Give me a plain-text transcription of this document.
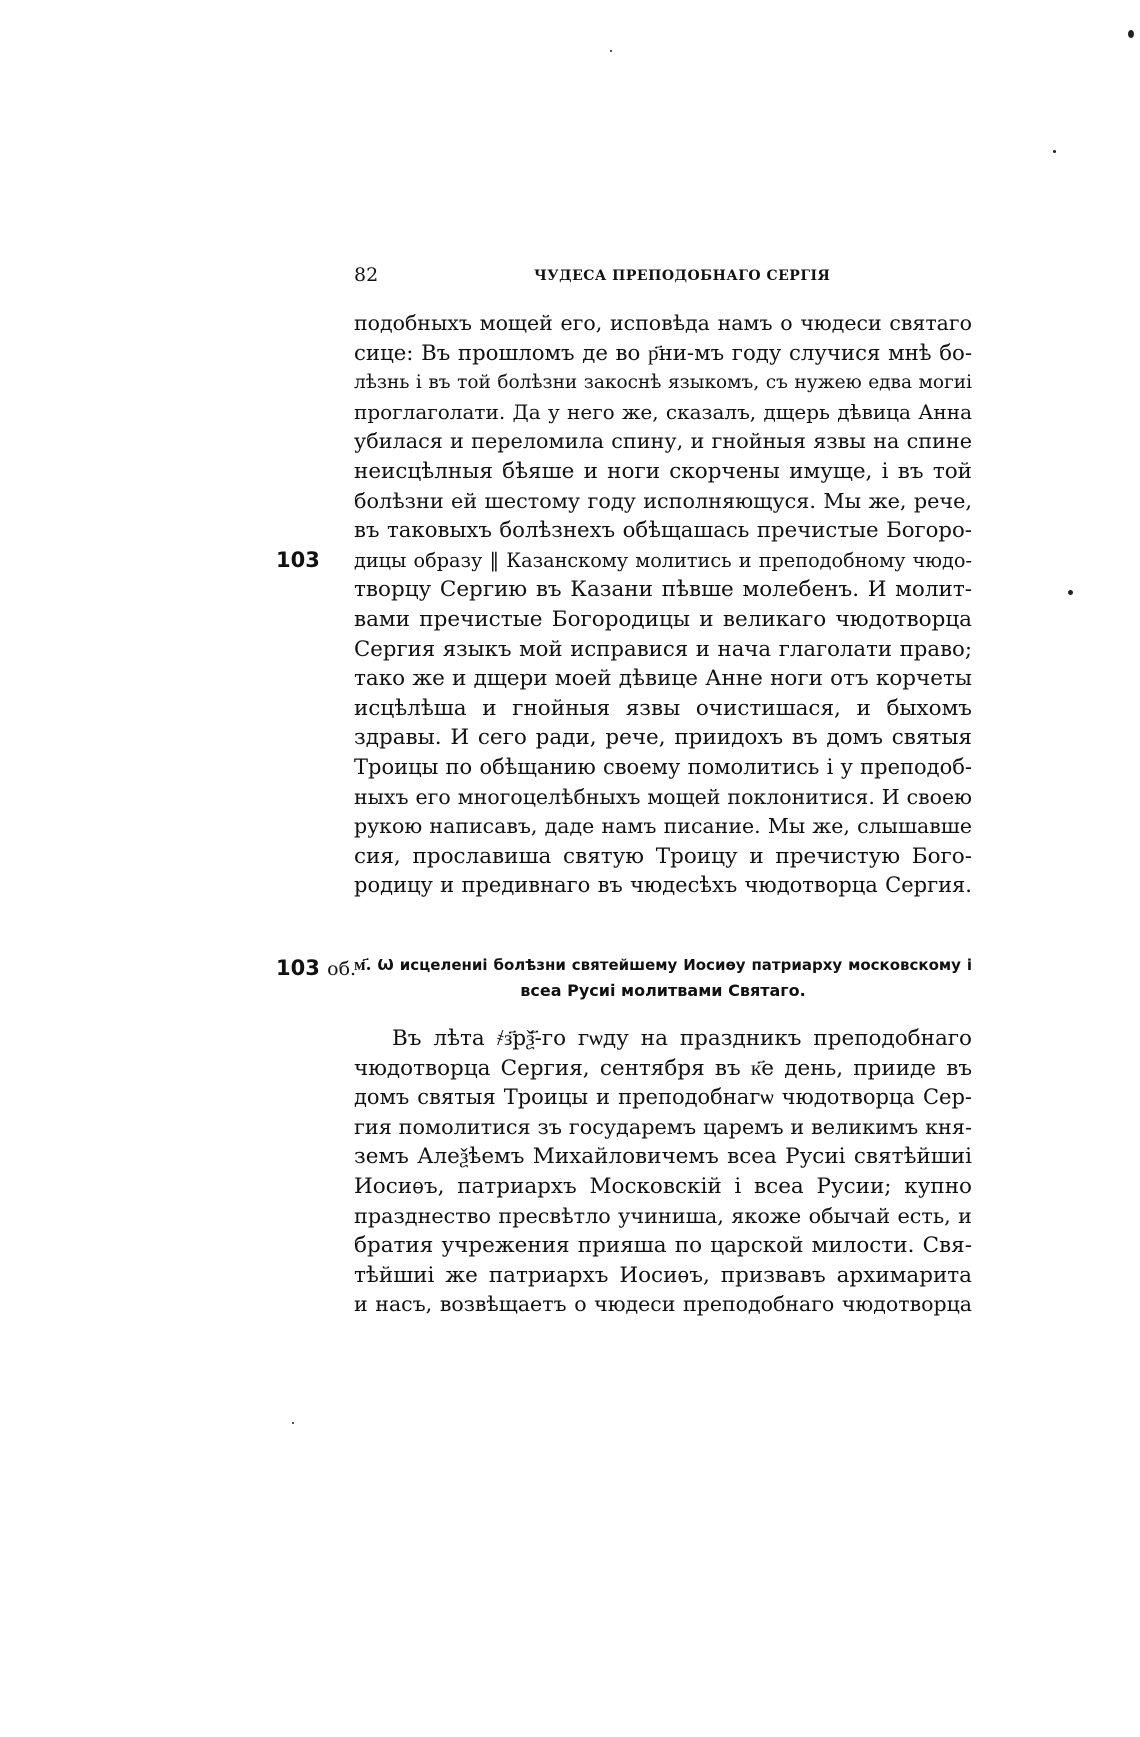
82	ЧУДЕСА ПРЕПОДОБНАГО СЕРГІЯ
103
подобныхъ мощей его, исповѣда намъ о чюдеси святаго
сице: Въ прошломъ де во р҃ни-мъ году случися мнѣ бо-
лѣзнь і въ той болѣзни закоснѣ языкомъ, съ нужею едва могиі
проглаголати. Да у него же, сказалъ, дщерь дѣвица Анна
убилася и переломила спину, и гнойныя язвы на спине
неисцѣлныя бѣяше и ноги скорчены имуще, і въ той
болѣзни ей шестому году исполняющуся. Мы же, рече,
въ таковыхъ болѣзнехъ обѣщашась пречистые Богоро-
дицы образу ‖ Казанскому молитись и преподобному чюдо-
творцу Сергию въ Казани пѣвше молебенъ. И молит-
вами пречистые Богородицы и великаго чюдотворца
Сергия языкъ мой исправися и нача глаголати право;
тако же и дщери моей дѣвице Анне ноги отъ корчеты
исцѣлѣша и гнойныя язвы очистишася, и быхомъ
здравы. И сего ради, рече, приидохъ въ домъ святыя
Троицы по обѣщанию своему помолитись і у преподоб-
ныхъ его многоцелѣбныхъ мощей поклонитися. И своею
рукою написавъ, даде намъ писание. Мы же, слышавше
сия, прославиша святую Троицу и пречистую Бого-
родицу и предивнаго въ чюдесѣхъ чюдотворца Сергия.
103 об.
м҃. Ѡ исцелениі болѣзни святейшему Иосиѳу патриарху московскому і
всеа Русиі молитвами Святаго.
Въ лѣта ҂з҃рѯ҃-го гѡду на праздникъ преподобнаго
чюдотворца Сергия, сентября въ к҃е день, прииде въ
домъ святыя Троицы и преподобнагѡ чюдотворца Сер-
гия помолитися зъ государемъ царемъ и великимъ кня-
земъ Алеѯѣемъ Михайловичемъ всеа Русиі святѣйшиі
Иосиѳъ, патриархъ Московскій і всеа Русии; купно
празднество пресвѣтло учиниша, якоже обычай есть, и
братия учрежения прияша по царской милости. Свя-
тѣйшиі же патриархъ Иосиѳъ, призвавъ архимарита
и насъ, возвѣщаетъ о чюдеси преподобнаго чюдотворца
